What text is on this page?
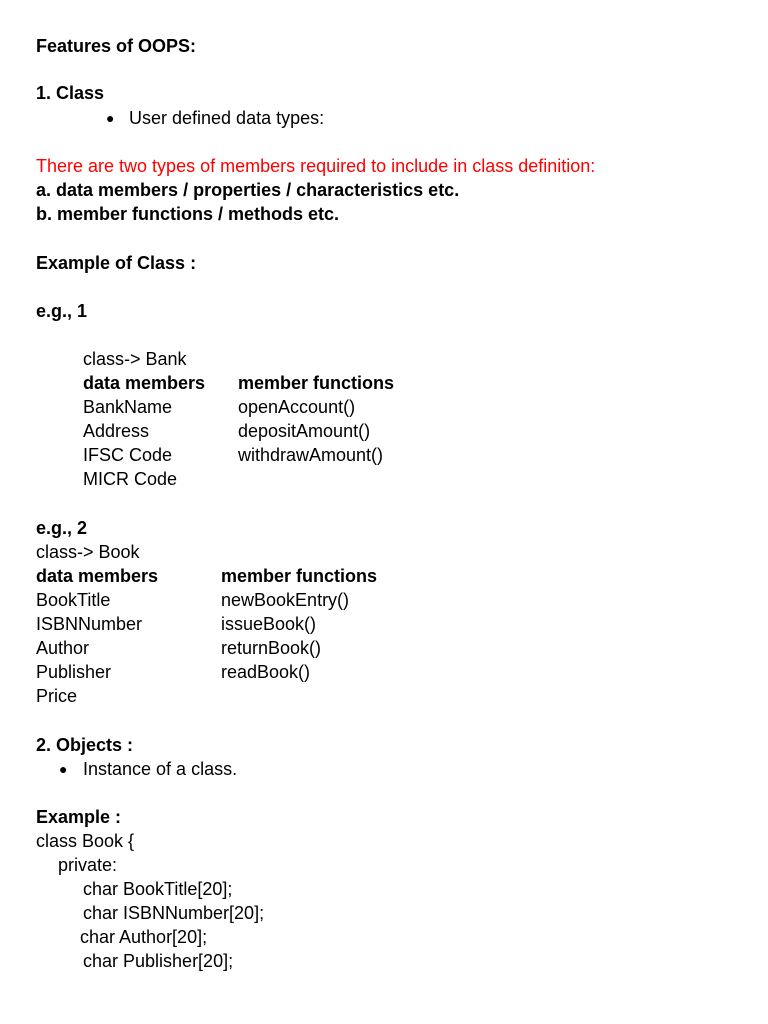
Features of OOPS:
1. Class
● User defined data types:
There are two types of members required to include in class definition:
a. data members / properties / characteristics etc.
b. member functions / methods etc.
Example of Class :
e.g., 1
class-> Bank
data members member functions
BankName
Address
IFSC Code
MICR Code
openAccount()
depositAmount()
withdrawAmount()
e.g., 2
class-> Book
data members	member functions
BookTitle
ISBNNumber
Author
Publisher
Price
newBookEntry()
issueBook()
returnBook()
readBook()
2. Objects :
● Instance of a class.
Example :
class Book {
private:
char BookTitle[20];
char ISBNNumber[20];
char Author[20];
char Publisher[20];
